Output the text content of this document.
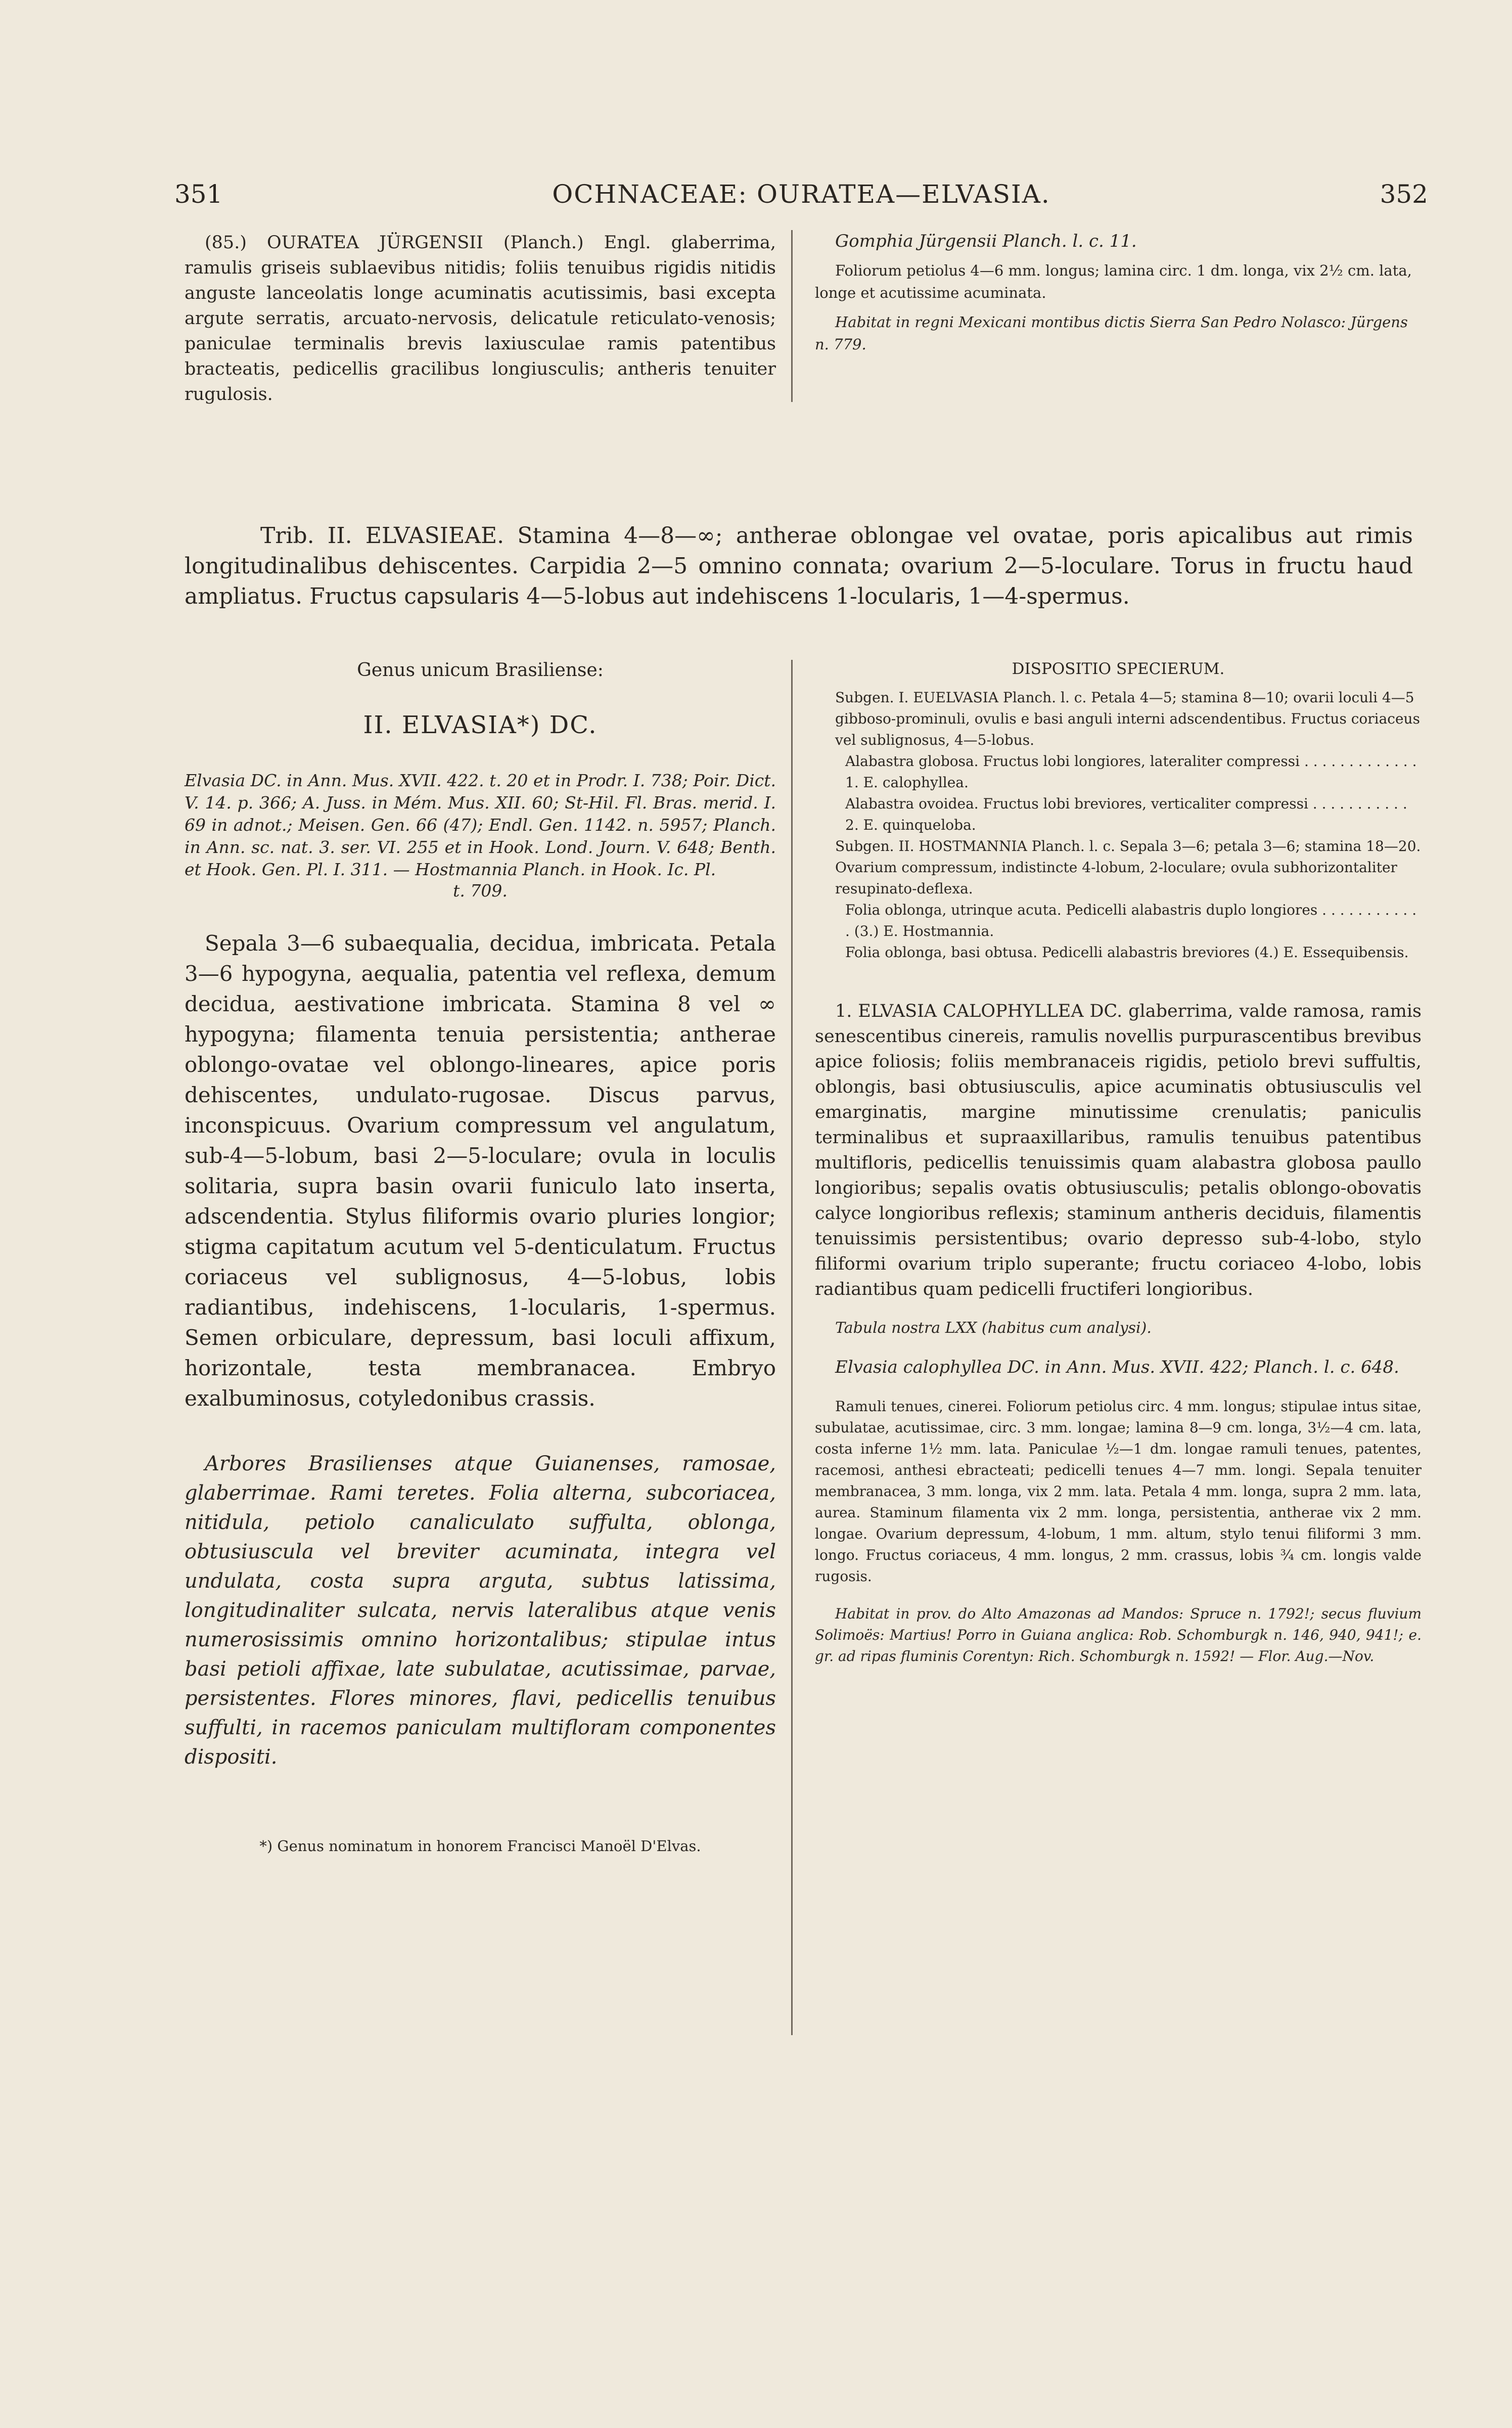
351	OCHNACEAE: OURATEA—ELVASIA.	352

(85.) OURATEA JÜRGENSII (Planch.) Engl. glaberrima, ramulis griseis sublaevibus nitidis; foliis tenuibus rigidis nitidis anguste lanceolatis longe acuminatis acutissimis, basi excepta argute serratis, arcuato-nervosis, delicatule reticulato-venosis; paniculae terminalis brevis laxiusculae ramis patentibus bracteatis, pedicellis gracilibus longiusculis; antheris tenuiter rugulosis.

Gomphia Jürgensii Planch. l. c. 11.

Foliorum petiolus 4—6 mm. longus; lamina circ. 1 dm. longa, vix 2½ cm. lata, longe et acutissime acuminata.

Habitat in regni Mexicani montibus dictis Sierra San Pedro Nolasco: Jürgens n. 779.

Trib. II. ELVASIEAE. Stamina 4—8—∞; antherae oblongae vel ovatae, poris apicalibus aut rimis longitudinalibus dehiscentes. Carpidia 2—5 omnino connata; ovarium 2—5-loculare. Torus in fructu haud ampliatus. Fructus capsularis 4—5-lobus aut indehiscens 1-locularis, 1—4-spermus.
Genus unicum Brasiliense:
II. ELVASIA*) DC.
Elvasia DC. in Ann. Mus. XVII. 422. t. 20 et in Prodr. I. 738; Poir. Dict. V. 14. p. 366; A. Juss. in Mém. Mus. XII. 60; St-Hil. Fl. Bras. merid. I. 69 in adnot.; Meisen. Gen. 66 (47); Endl. Gen. 1142. n. 5957; Planch. in Ann. sc. nat. 3. ser. VI. 255 et in Hook. Lond. Journ. V. 648; Benth. et Hook. Gen. Pl. I. 311. — Hostmannia Planch. in Hook. Ic. Pl.
t. 709.
Sepala 3—6 subaequalia, decidua, imbricata. Petala 3—6 hypogyna, aequalia, patentia vel reflexa, demum decidua, aestivatione imbricata. Stamina 8 vel ∞ hypogyna; filamenta tenuia persistentia; antherae oblongo-ovatae vel oblongo-lineares, apice poris dehiscentes, undulato-rugosae. Discus parvus, inconspicuus. Ovarium compressum vel angulatum, sub-4—5-lobum, basi 2—5-loculare; ovula in loculis solitaria, supra basin ovarii funiculo lato inserta, adscendentia. Stylus filiformis ovario pluries longior; stigma capitatum acutum vel 5-denticulatum. Fructus coriaceus vel sublignosus, 4—5-lobus, lobis radiantibus, indehiscens, 1-locularis, 1-spermus. Semen orbiculare, depressum, basi loculi affixum, horizontale, testa membranacea. Embryo exalbuminosus, cotyledonibus crassis.
Arbores Brasilienses atque Guianenses, ramosae, glaberrimae. Rami teretes. Folia alterna, subcoriacea, nitidula, petiolo canaliculato suffulta, oblonga, obtusiuscula vel breviter acuminata, integra vel undulata, costa supra arguta, subtus latissima, longitudinaliter sulcata, nervis lateralibus atque venis numerosissimis omnino horizontalibus; stipulae intus basi petioli affixae, late subulatae, acutissimae, parvae, persistentes. Flores minores, flavi, pedicellis tenuibus suffulti, in racemos paniculam multifloram componentes dispositi.
*) Genus nominatum in honorem Francisci Manoël D'Elvas.
DISPOSITIO SPECIERUM.

Subgen. I. EUELVASIA Planch. l. c. Petala 4—5; stamina 8—10; ovarii loculi 4—5 gibboso-prominuli, ovulis e basi anguli interni adscendentibus. Fructus coriaceus vel sublignosus, 4—5-lobus.

Alabastra globosa. Fructus lobi longiores, lateraliter compressi . . . . . . . . . . . . . 1. E. calophyllea.

Alabastra ovoidea. Fructus lobi breviores, verticaliter compressi . . . . . . . . . . . 2. E. quinqueloba.

Subgen. II. HOSTMANNIA Planch. l. c. Sepala 3—6; petala 3—6; stamina 18—20. Ovarium compressum, indistincte 4-lobum, 2-loculare; ovula subhorizontaliter resupinato-deflexa.

Folia oblonga, utrinque acuta. Pedicelli alabastris duplo longiores . . . . . . . . . . . . (3.) E. Hostmannia.

Folia oblonga, basi obtusa. Pedicelli alabastris breviores (4.) E. Essequibensis.

1. ELVASIA CALOPHYLLEA DC. glaberrima, valde ramosa, ramis senescentibus cinereis, ramulis novellis purpurascentibus brevibus apice foliosis; foliis membranaceis rigidis, petiolo brevi suffultis, oblongis, basi obtusiusculis, apice acuminatis obtusiusculis vel emarginatis, margine minutissime crenulatis; paniculis terminalibus et supraaxillaribus, ramulis tenuibus patentibus multifloris, pedicellis tenuissimis quam alabastra globosa paullo longioribus; sepalis ovatis obtusiusculis; petalis oblongo-obovatis calyce longioribus reflexis; staminum antheris deciduis, filamentis tenuissimis persistentibus; ovario depresso sub-4-lobo, stylo filiformi ovarium triplo superante; fructu coriaceo 4-lobo, lobis radiantibus quam pedicelli fructiferi longioribus.
Tabula nostra LXX (habitus cum analysi).
Elvasia calophyllea DC. in Ann. Mus. XVII. 422; Planch. l. c. 648.
Ramuli tenues, cinerei. Foliorum petiolus circ. 4 mm. longus; stipulae intus sitae, subulatae, acutissimae, circ. 3 mm. longae; lamina 8—9 cm. longa, 3½—4 cm. lata, costa inferne 1½ mm. lata. Paniculae ½—1 dm. longae ramuli tenues, patentes, racemosi, anthesi ebracteati; pedicelli tenues 4—7 mm. longi. Sepala tenuiter membranacea, 3 mm. longa, vix 2 mm. lata. Petala 4 mm. longa, supra 2 mm. lata, aurea. Staminum filamenta vix 2 mm. longa, persistentia, antherae vix 2 mm. longae. Ovarium depressum, 4-lobum, 1 mm. altum, stylo tenui filiformi 3 mm. longo. Fructus coriaceus, 4 mm. longus, 2 mm. crassus, lobis ¾ cm. longis valde rugosis.
Habitat in prov. do Alto Amazonas ad Mandos: Spruce n. 1792!; secus fluvium Solimoës: Martius! Porro in Guiana anglica: Rob. Schomburgk n. 146, 940, 941!; e. gr. ad ripas fluminis Corentyn: Rich. Schomburgk n. 1592! — Flor. Aug.—Nov.
